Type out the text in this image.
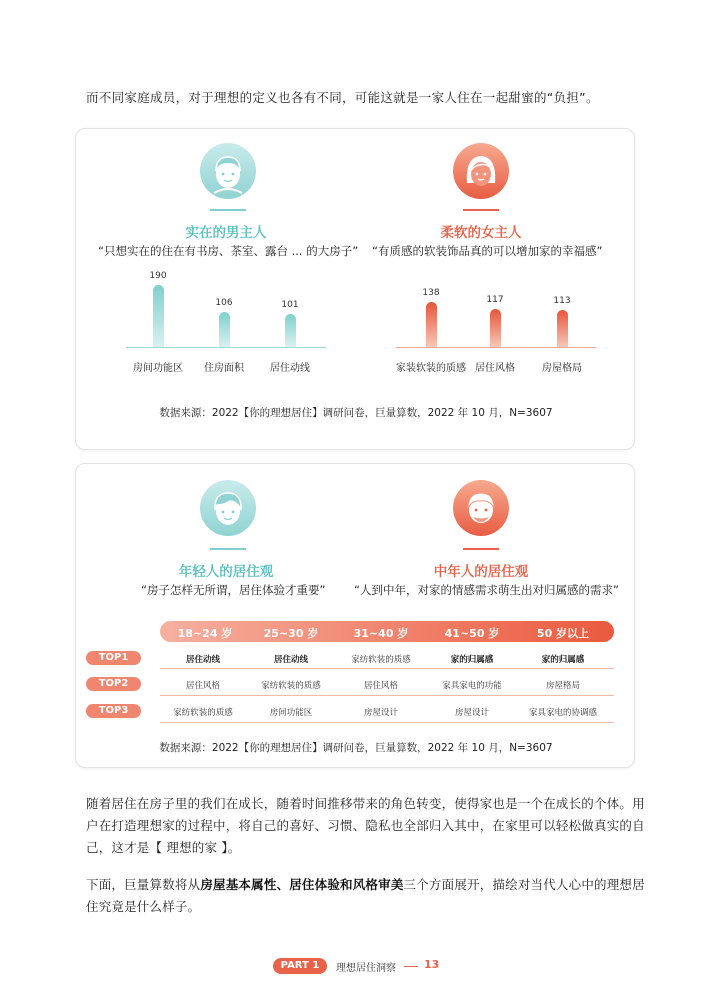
而不同家庭成员，对于理想的定义也各有不同，可能这就是一家人住在一起甜蜜的“负担”。
实在的男主人
“只想实在的住在有书房、茶室、露台 ... 的大房子”
柔软的女主人
“有质感的软装饰品真的可以增加家的幸福感”
数据来源：2022【你的理想居住】调研问卷，巨量算数，2022 年 10 月，N=3607
190
房间功能区
106
住房面积
101
居住动线
138
家装软装的质感
117
居住风格
113
房屋格局
年轻人的居住观
“房子怎样无所谓，居住体验才重要”
中年人的居住观
“人到中年，对家的情感需求萌生出对归属感的需求”
数据来源：2022【你的理想居住】调研问卷，巨量算数，2022 年 10 月，N=3607
18~24 岁	25~30 岁	31~40 岁	41~50 岁	50 岁以上
TOP1
TOP2
TOP3
居住动线	居住动线	家纺软装的质感	家的归属感	家的归属感
居住风格	家纺软装的质感	居住风格	家具家电的功能	房屋格局
家纺软装的质感	房间功能区	房屋设计	房屋设计	家具家电的协调感
随着居住在房子里的我们在成长，随着时间推移带来的角色转变，使得家也是一个在成长的个体。用户在打造理想家的过程中，将自己的喜好、习惯、隐私也全部归入其中，在家里可以轻松做真实的自己，这才是【 理想的家 】。
下面，巨量算数将从房屋基本属性、居住体验和风格审美三个方面展开，描绘对当代人心中的理想居住究竟是什么样子。
PART 1	理想居住洞察	13
